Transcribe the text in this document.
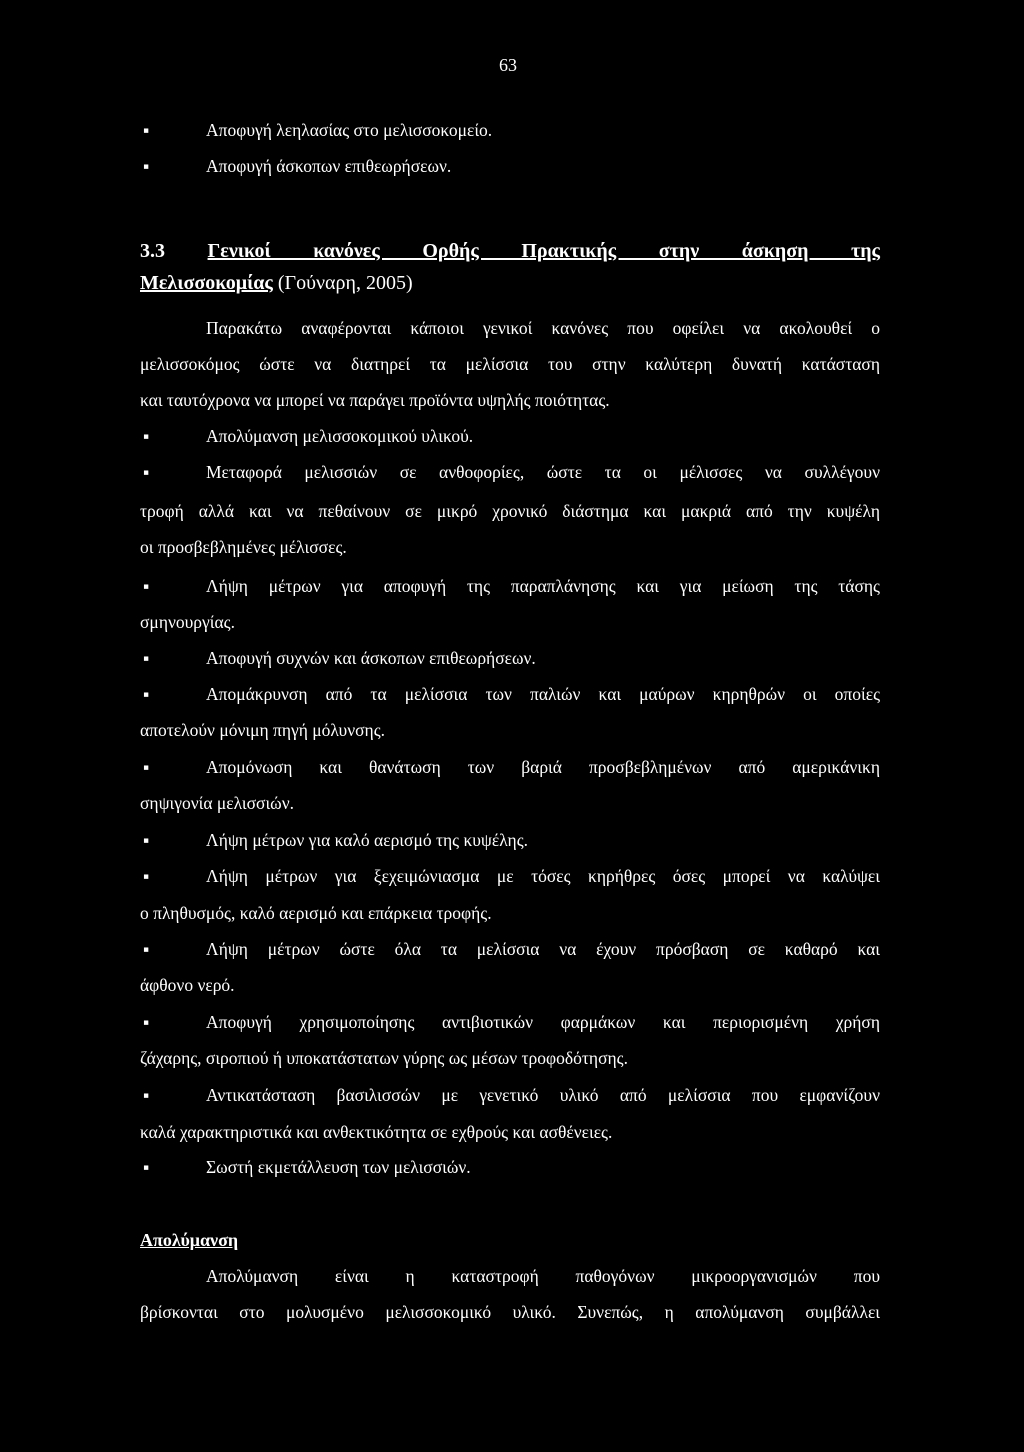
63
▪	Αποφυγή λεηλασίας στο μελισσοκομείο.
▪	Αποφυγή άσκοπων επιθεωρήσεων.
3.3 Γενικοί κανόνες Ορθής Πρακτικής στην άσκηση της
Μελισσοκομίας (Γούναρη, 2005)
Παρακάτω αναφέρονται κάποιοι γενικοί κανόνες που οφείλει να ακολουθεί ο
μελισσοκόμος ώστε να διατηρεί τα μελίσσια του στην καλύτερη δυνατή κατάσταση
και ταυτόχρονα να μπορεί να παράγει προϊόντα υψηλής ποιότητας.
▪	Απολύμανση μελισσοκομικού υλικού.
▪	Μεταφορά μελισσιών σε ανθοφορίες, ώστε τα οι μέλισσες να συλλέγουν
τροφή αλλά και να πεθαίνουν σε μικρό χρονικό διάστημα και μακριά από την κυψέλη
οι προσβεβλημένες μέλισσες.
▪	Λήψη μέτρων για αποφυγή της παραπλάνησης και για μείωση της τάσης
σμηνουργίας.
▪	Αποφυγή συχνών και άσκοπων επιθεωρήσεων.
▪	Απομάκρυνση από τα μελίσσια των παλιών και μαύρων κηρηθρών οι οποίες
αποτελούν μόνιμη πηγή μόλυνσης.
▪	Απομόνωση και θανάτωση των βαριά προσβεβλημένων από αμερικάνικη
σηψιγονία μελισσιών.
▪	Λήψη μέτρων για καλό αερισμό της κυψέλης.
▪	Λήψη μέτρων για ξεχειμώνιασμα με τόσες κηρήθρες όσες μπορεί να καλύψει
ο πληθυσμός, καλό αερισμό και επάρκεια τροφής.
▪	Λήψη μέτρων ώστε όλα τα μελίσσια να έχουν πρόσβαση σε καθαρό και
άφθονο νερό.
▪	Αποφυγή χρησιμοποίησης αντιβιοτικών φαρμάκων και περιορισμένη χρήση
ζάχαρης, σιροπιού ή υποκατάστατων γύρης ως μέσων τροφοδότησης.
▪	Αντικατάσταση βασιλισσών με γενετικό υλικό από μελίσσια που εμφανίζουν
καλά χαρακτηριστικά και ανθεκτικότητα σε εχθρούς και ασθένειες.
▪	Σωστή εκμετάλλευση των μελισσιών.
Απολύμανση
Απολύμανση είναι η καταστροφή παθογόνων μικροοργανισμών που
βρίσκονται στο μολυσμένο μελισσοκομικό υλικό. Συνεπώς, η απολύμανση συμβάλλει
